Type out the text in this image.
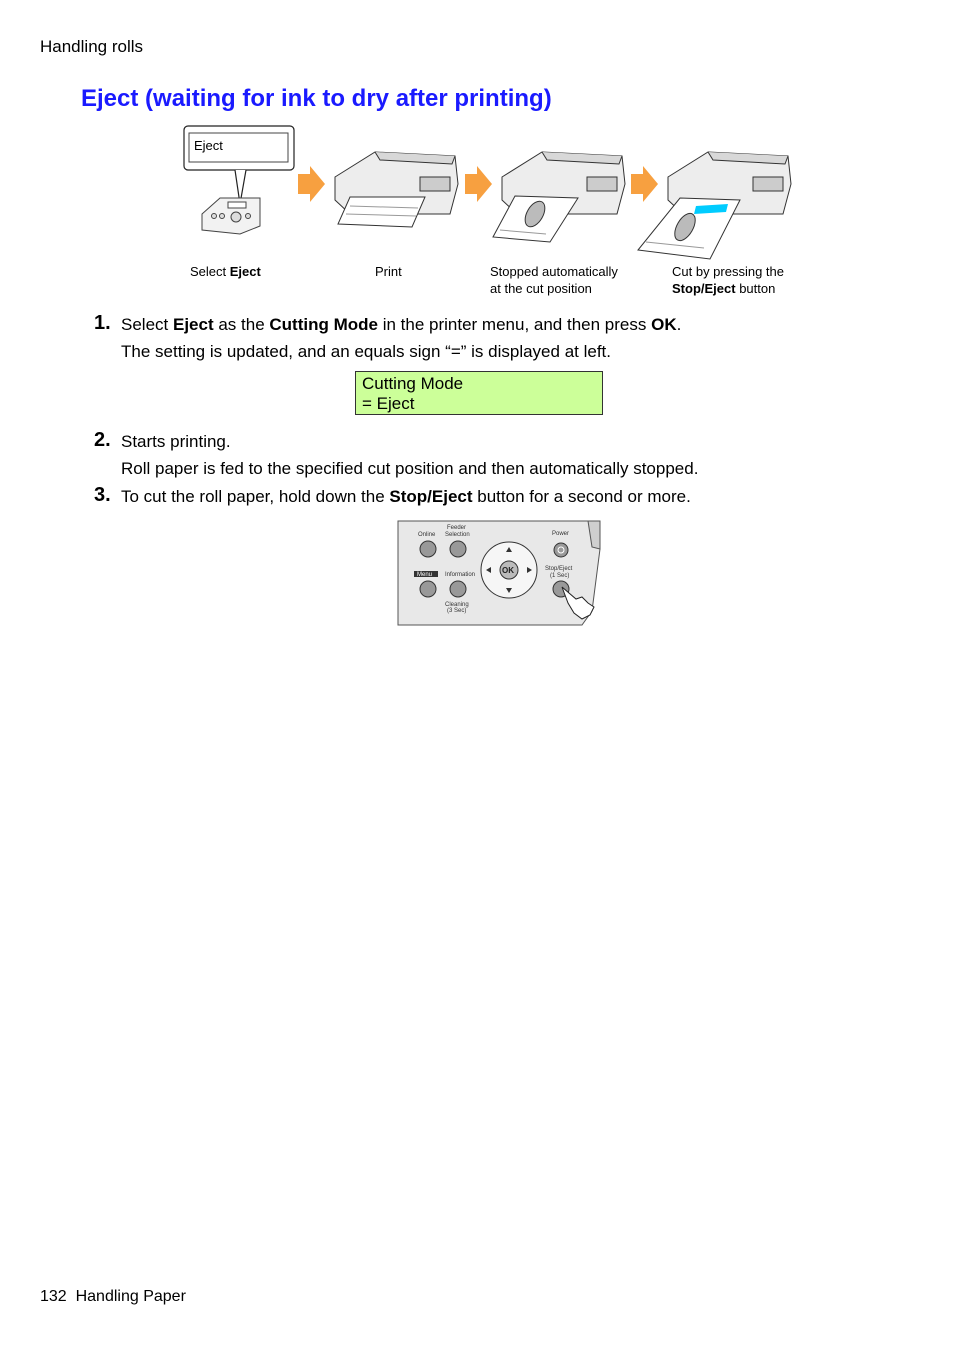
Handling rolls
Eject (waiting for ink to dry after printing)
Eject
Select Eject	Print	Stopped automatically
at the cut position
Cut by pressing the
Stop/Eject button
1. Select Eject as the Cutting Mode in the printer menu, and then press OK.
The setting is updated, and an equals sign “=” is displayed at left.
Cutting Mode
= Eject
2. Starts printing.
Roll paper is fed to the specified cut position and then automatically stopped.
3. To cut the roll paper, hold down the Stop/Eject button for a second or more.
Online
Feeder
Selection	Power
Menu Information
Stop/Eject
(1 Sec)
Cleaning
(3 Sec)
OK
132 Handling Paper
